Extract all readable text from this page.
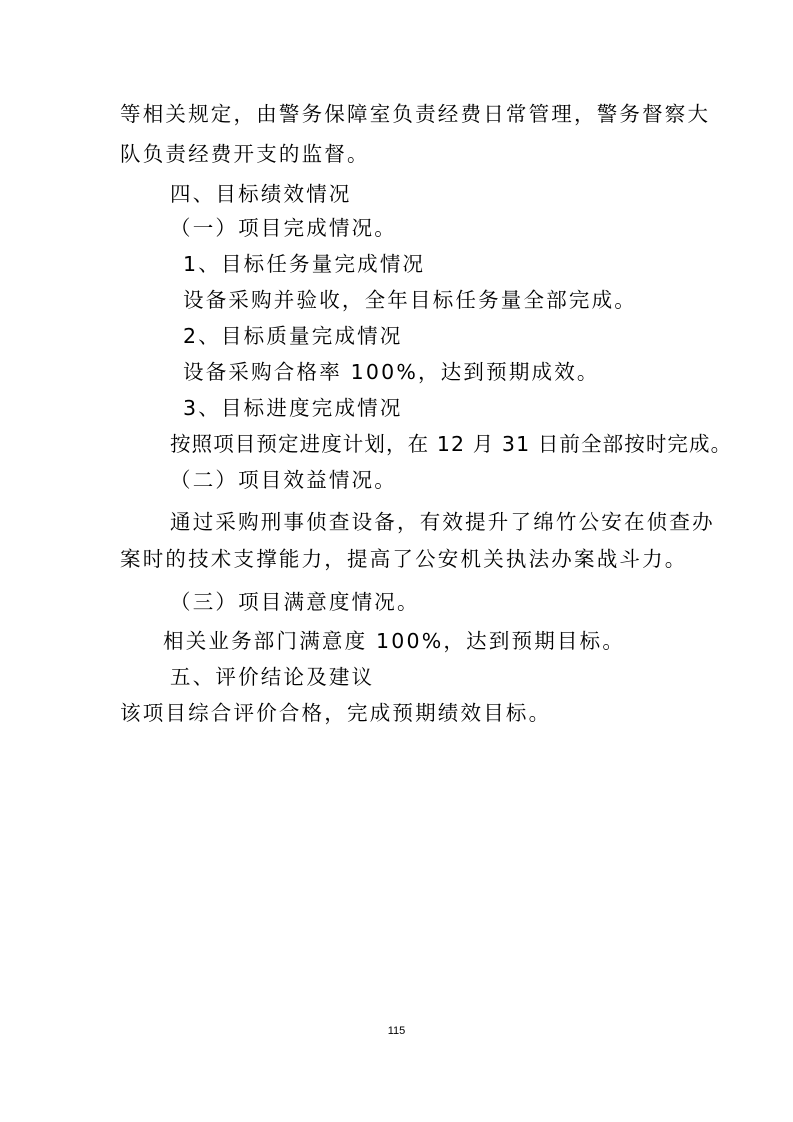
等相关规定，由警务保障室负责经费日常管理，警务督察大

队负责经费开支的监督。

四、目标绩效情况
（一）项目完成情况。

1、目标任务量完成情况

设备采购并验收，全年目标任务量全部完成。

2、目标质量完成情况

设备采购合格率 100%，达到预期成效。

3、目标进度完成情况

按照项目预定进度计划，在 12 月 31 日前全部按时完成。

（二）项目效益情况。

通过采购刑事侦查设备，有效提升了绵竹公安在侦查办

案时的技术支撑能力，提高了公安机关执法办案战斗力。

（三）项目满意度情况。

相关业务部门满意度 100%，达到预期目标。

五、评价结论及建议

该项目综合评价合格，完成预期绩效目标。

115
